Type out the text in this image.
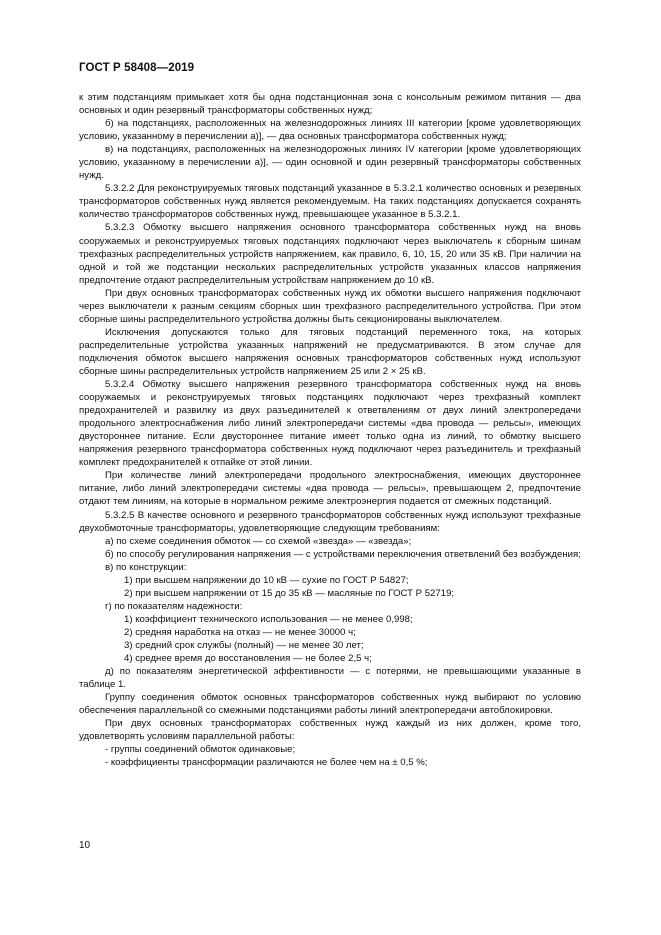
ГОСТ Р 58408—2019

к этим подстанциям примыкает хотя бы одна подстанционная зона с консольным режимом питания — два основных и один резервный трансформаторы собственных нужд;

б) на подстанциях, расположенных на железнодорожных линиях III категории [кроме удовлетворяющих условию, указанному в перечислении а)], — два основных трансформатора собственных нужд;

в) на подстанциях, расположенных на железнодорожных линиях IV категории [кроме удовлетворяющих условию, указанному в перечислении а)], — один основной и один резервный трансформаторы собственных нужд.

5.3.2.2 Для реконструируемых тяговых подстанций указанное в 5.3.2.1 количество основных и резервных трансформаторов собственных нужд является рекомендуемым. На таких подстанциях допускается сохранять количество трансформаторов собственных нужд, превышающее указанное в 5.3.2.1.

5.3.2.3 Обмотку высшего напряжения основного трансформатора собственных нужд на вновь сооружаемых и реконструируемых тяговых подстанциях подключают через выключатель к сборным шинам трехфазных распределительных устройств напряжением, как правило, 6, 10, 15, 20 или 35 кВ. При наличии на одной и той же подстанции нескольких распределительных устройств указанных классов напряжения предпочтение отдают распределительным устройствам напряжением до 10 кВ.

При двух основных трансформаторах собственных нужд их обмотки высшего напряжения подключают через выключатели к разным секциям сборных шин трехфазного распределительного устройства. При этом сборные шины распределительного устройства должны быть секционированы выключателем.

Исключения допускаются только для тяговых подстанций переменного тока, на которых распределительные устройства указанных напряжений не предусматриваются. В этом случае для подключения обмоток высшего напряжения основных трансформаторов собственных нужд используют сборные шины распределительных устройств напряжением 25 или 2 × 25 кВ.

5.3.2.4 Обмотку высшего напряжения резервного трансформатора собственных нужд на вновь сооружаемых и реконструируемых тяговых подстанциях подключают через трехфазный комплект предохранителей и развилку из двух разъединителей к ответвлениям от двух линий электропередачи продольного электроснабжения либо линий электропередачи системы «два провода — рельсы», имеющих двустороннее питание. Если двустороннее питание имеет только одна из линий, то обмотку высшего напряжения резервного трансформатора собственных нужд подключают через разъединитель и трехфазный комплект предохранителей к отпайке от этой линии.

При количестве линий электропередачи продольного электроснабжения, имеющих двустороннее питание, либо линий электропередачи системы «два провода — рельсы», превышающем 2, предпочтение отдают тем линиям, на которые в нормальном режиме электроэнергия подается от смежных подстанций.

5.3.2.5 В качестве основного и резервного трансформаторов собственных нужд используют трехфазные двухобмоточные трансформаторы, удовлетворяющие следующим требованиям:

а) по схеме соединения обмоток — со схемой «звезда» — «звезда»;

б) по способу регулирования напряжения — с устройствами переключения ответвлений без возбуждения;

в) по конструкции:

1) при высшем напряжении до 10 кВ — сухие по ГОСТ Р 54827;

2) при высшем напряжении от 15 до 35 кВ — масляные по ГОСТ Р 52719;

г) по показателям надежности:

1) коэффициент технического использования — не менее 0,998;

2) средняя наработка на отказ — не менее 30000 ч;

3) средний срок службы (полный) — не менее 30 лет;

4) среднее время до восстановления — не более 2,5 ч;

д) по показателям энергетической эффективности — с потерями, не превышающими указанные в таблице 1.

Группу соединения обмоток основных трансформаторов собственных нужд выбирают по условию обеспечения параллельной со смежными подстанциями работы линий электропередачи автоблокировки.

При двух основных трансформаторах собственных нужд каждый из них должен, кроме того, удовлетворять условиям параллельной работы:

- группы соединений обмоток одинаковые;

- коэффициенты трансформации различаются не более чем на ± 0,5 %;

10
